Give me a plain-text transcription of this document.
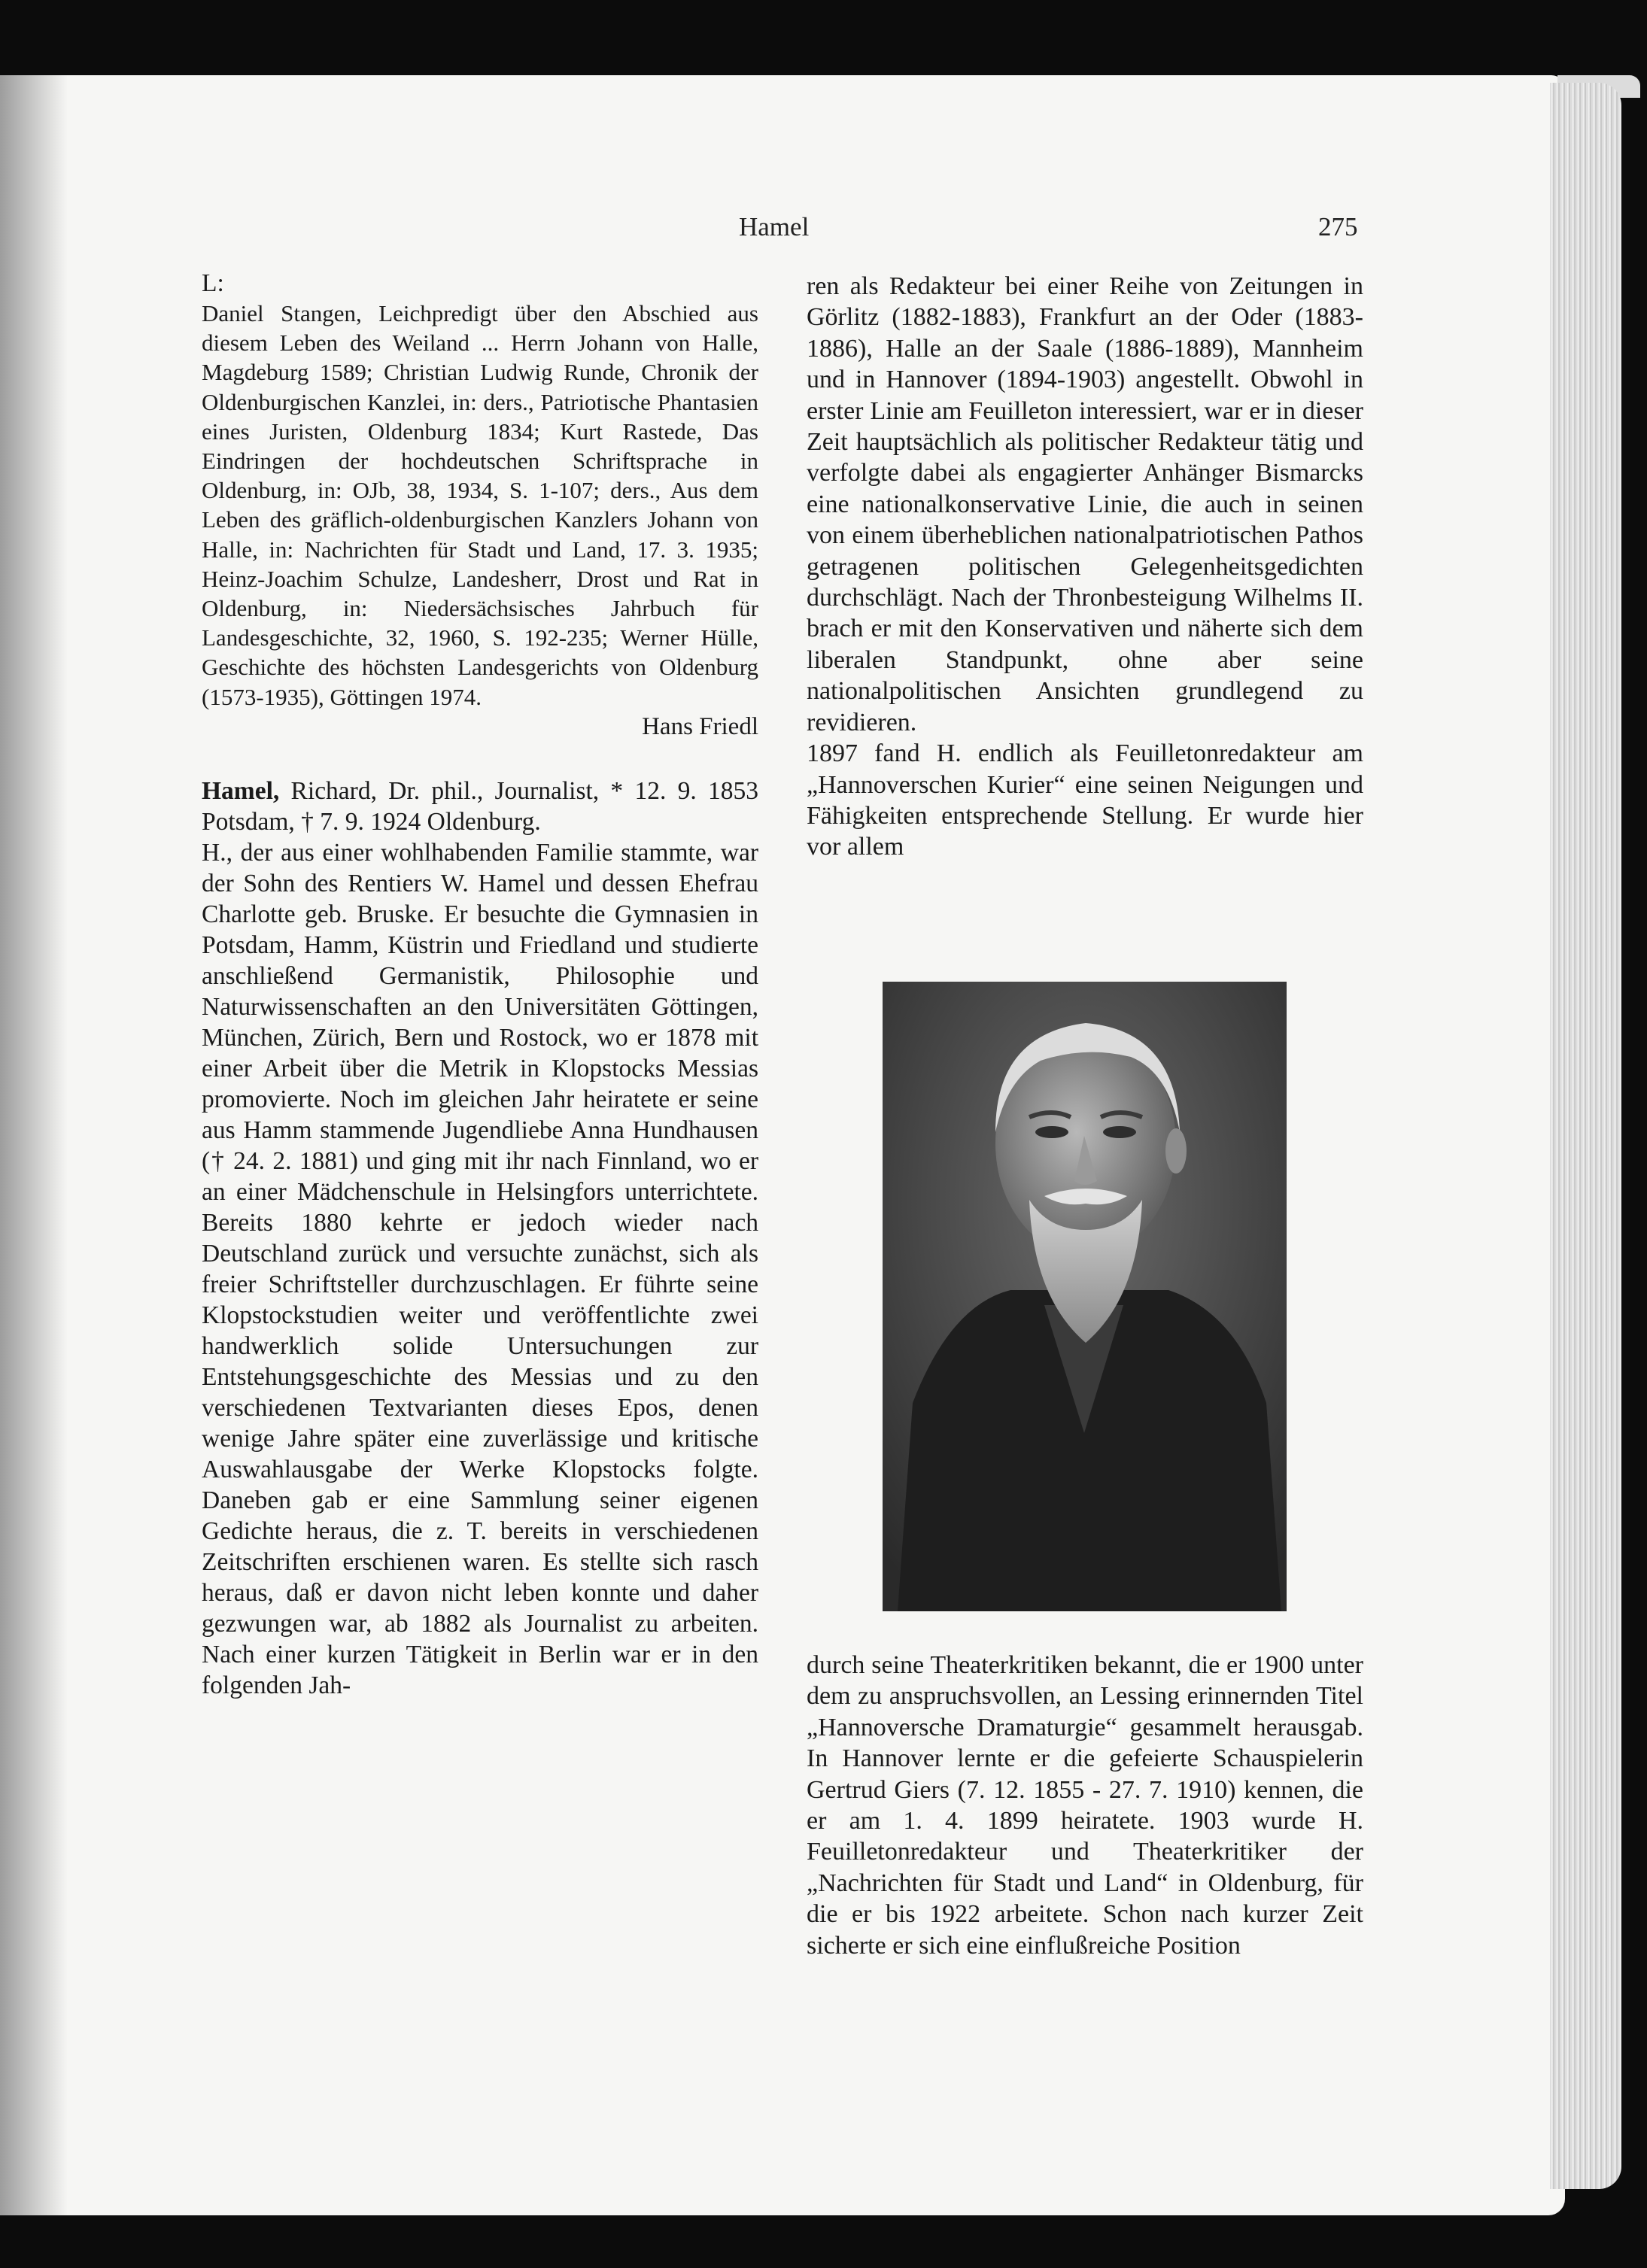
Hamel	275

L:

Daniel Stangen, Leichpredigt über den Abschied aus diesem Leben des Weiland ... Herrn Johann von Halle, Magdeburg 1589; Christian Ludwig Runde, Chronik der Oldenburgischen Kanzlei, in: ders., Patriotische Phantasien eines Juristen, Oldenburg 1834; Kurt Rastede, Das Eindringen der hochdeutschen Schriftsprache in Oldenburg, in: OJb, 38, 1934, S. 1-107; ders., Aus dem Leben des gräflich-oldenburgischen Kanzlers Johann von Halle, in: Nachrichten für Stadt und Land, 17. 3. 1935; Heinz-Joachim Schulze, Landesherr, Drost und Rat in Oldenburg, in: Niedersächsisches Jahrbuch für Landesgeschichte, 32, 1960, S. 192-235; Werner Hülle, Geschichte des höchsten Landesgerichts von Oldenburg (1573-1935), Göttingen 1974.

Hans Friedl

Hamel, Richard, Dr. phil., Journalist, * 12. 9. 1853 Potsdam, † 7. 9. 1924 Oldenburg.

H., der aus einer wohlhabenden Familie stammte, war der Sohn des Rentiers W. Hamel und dessen Ehefrau Charlotte geb. Bruske. Er besuchte die Gymnasien in Potsdam, Hamm, Küstrin und Friedland und studierte anschließend Germanistik, Philosophie und Naturwissenschaften an den Universitäten Göttingen, München, Zürich, Bern und Rostock, wo er 1878 mit einer Arbeit über die Metrik in Klopstocks Messias promovierte. Noch im gleichen Jahr heiratete er seine aus Hamm stammende Jugendliebe Anna Hundhausen († 24. 2. 1881) und ging mit ihr nach Finnland, wo er an einer Mädchenschule in Helsingfors unterrichtete. Bereits 1880 kehrte er jedoch wieder nach Deutschland zurück und versuchte zunächst, sich als freier Schriftsteller durchzuschlagen. Er führte seine Klopstockstudien weiter und veröffentlichte zwei handwerklich solide Untersuchungen zur Entstehungsgeschichte des Messias und zu den verschiedenen Textvarianten dieses Epos, denen wenige Jahre später eine zuverlässige und kritische Auswahlausgabe der Werke Klopstocks folgte. Daneben gab er eine Sammlung seiner eigenen Gedichte heraus, die z. T. bereits in verschiedenen Zeitschriften erschienen waren. Es stellte sich rasch heraus, daß er davon nicht leben konnte und daher gezwungen war, ab 1882 als Journalist zu arbeiten. Nach einer kurzen Tätigkeit in Berlin war er in den folgenden Jah-

ren als Redakteur bei einer Reihe von Zeitungen in Görlitz (1882-1883), Frankfurt an der Oder (1883-1886), Halle an der Saale (1886-1889), Mannheim und in Hannover (1894-1903) angestellt. Obwohl in erster Linie am Feuilleton interessiert, war er in dieser Zeit hauptsächlich als politischer Redakteur tätig und verfolgte dabei als engagierter Anhänger Bismarcks eine nationalkonservative Linie, die auch in seinen von einem überheblichen nationalpatriotischen Pathos getragenen politischen Gelegenheitsgedichten durchschlägt. Nach der Thronbesteigung Wilhelms II. brach er mit den Konservativen und näherte sich dem liberalen Standpunkt, ohne aber seine nationalpolitischen Ansichten grundlegend zu revidieren.

1897 fand H. endlich als Feuilletonredakteur am „Hannoverschen Kurier“ eine seinen Neigungen und Fähigkeiten entsprechende Stellung. Er wurde hier vor allem

durch seine Theaterkritiken bekannt, die er 1900 unter dem zu anspruchsvollen, an Lessing erinnernden Titel „Hannoversche Dramaturgie“ gesammelt herausgab. In Hannover lernte er die gefeierte Schauspielerin Gertrud Giers (7. 12. 1855 - 27. 7. 1910) kennen, die er am 1. 4. 1899 heiratete. 1903 wurde H. Feuilletonredakteur und Theaterkritiker der „Nachrichten für Stadt und Land“ in Oldenburg, für die er bis 1922 arbeitete. Schon nach kurzer Zeit sicherte er sich eine einflußreiche Position
